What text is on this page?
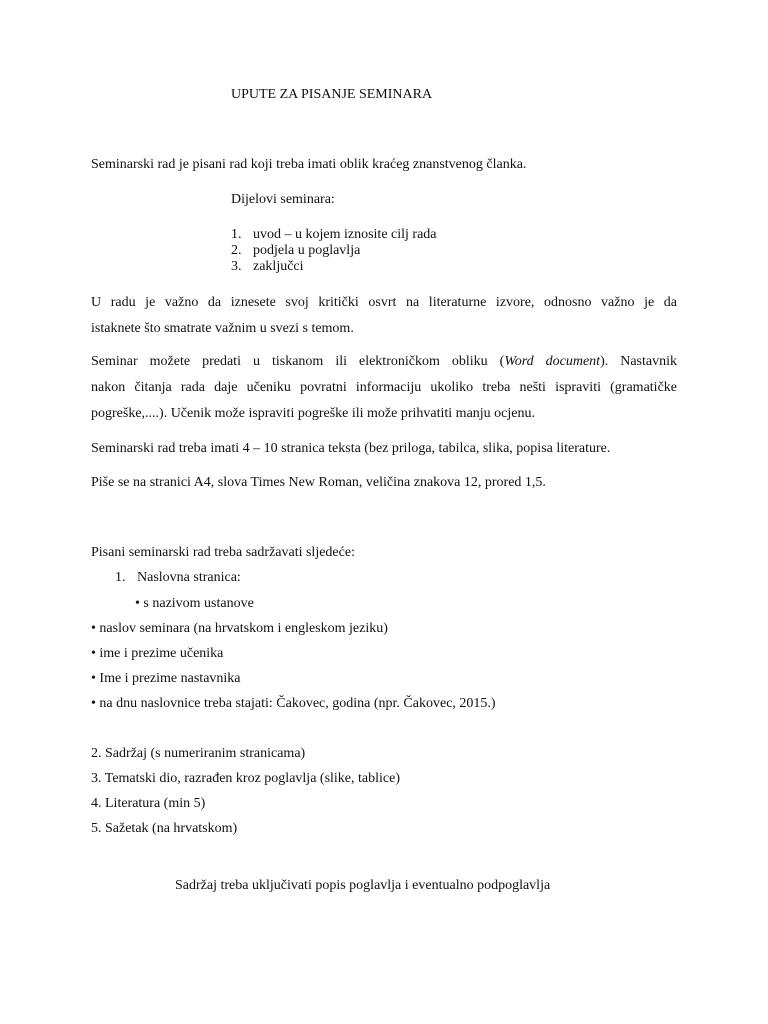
UPUTE ZA PISANJE SEMINARA
Seminarski rad je pisani rad koji treba imati oblik kraćeg znanstvenog članka.
Dijelovi seminara:
1. uvod – u kojem iznosite cilj rada
2. podjela u poglavlja
3. zaključci
U radu je važno da iznesete svoj kritički osvrt na literaturne izvore, odnosno važno je da
istaknete što smatrate važnim u svezi s temom.
Seminar možete predati u tiskanom ili elektroničkom obliku (Word document). Nastavnik
nakon čitanja rada daje učeniku povratni informaciju ukoliko treba nešti ispraviti (gramatičke
pogreške,....). Učenik može ispraviti pogreške ili može prihvatiti manju ocjenu.
Seminarski rad treba imati 4 – 10 stranica teksta (bez priloga, tabilca, slika, popisa literature.
Piše se na stranici A4, slova Times New Roman, veličina znakova 12, prored 1,5.
Pisani seminarski rad treba sadržavati sljedeće:
1. Naslovna stranica:
• s nazivom ustanove
• naslov seminara (na hrvatskom i engleskom jeziku)
• ime i prezime učenika
• Ime i prezime nastavnika
• na dnu naslovnice treba stajati: Čakovec, godina (npr. Čakovec, 2015.)
2. Sadržaj (s numeriranim stranicama)
3. Tematski dio, razrađen kroz poglavlja (slike, tablice)
4. Literatura (min 5)
5. Sažetak (na hrvatskom)
Sadržaj treba uključivati popis poglavlja i eventualno podpoglavlja
